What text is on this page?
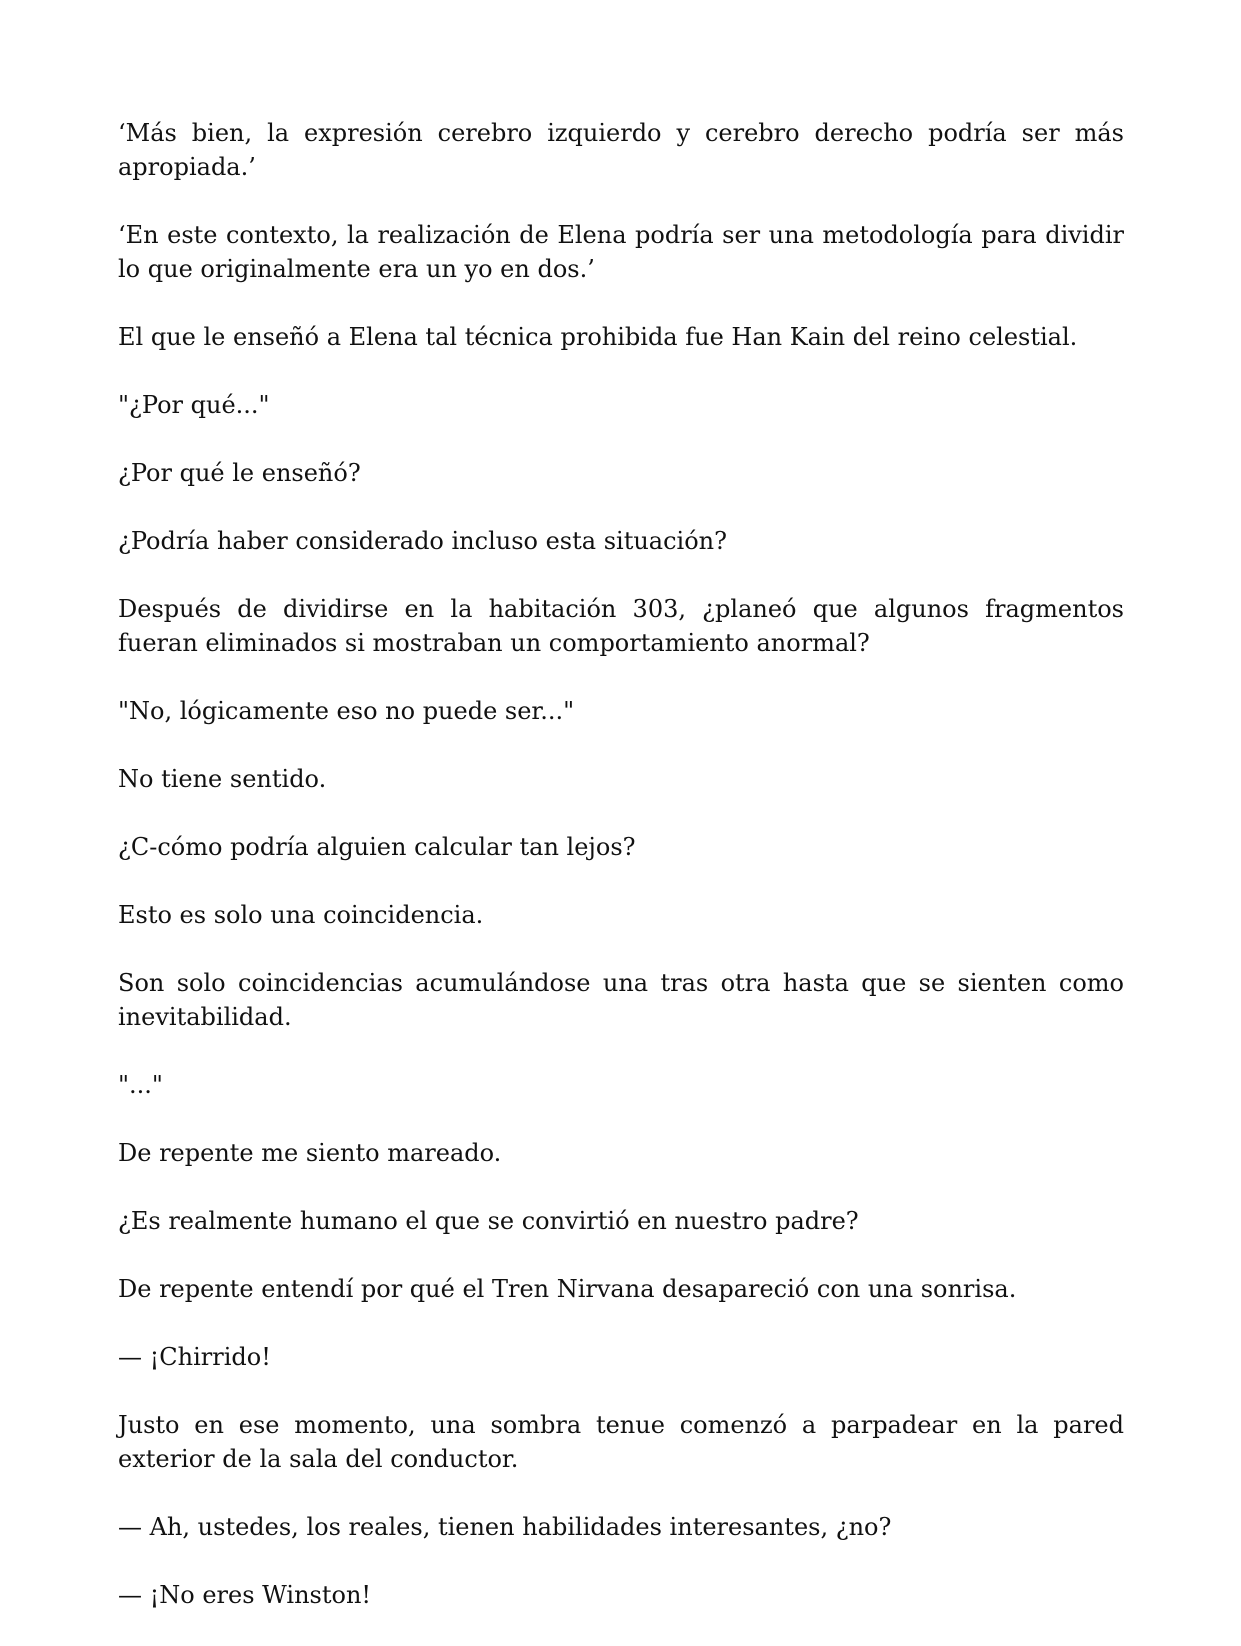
‘Más bien, la expresión cerebro izquierdo y cerebro derecho podría ser más apropiada.’

‘En este contexto, la realización de Elena podría ser una metodología para dividir lo que originalmente era un yo en dos.’

El que le enseñó a Elena tal técnica prohibida fue Han Kain del reino celestial.

"¿Por qué..."

¿Por qué le enseñó?

¿Podría haber considerado incluso esta situación?

Después de dividirse en la habitación 303, ¿planeó que algunos fragmentos fueran eliminados si mostraban un comportamiento anormal?

"No, lógicamente eso no puede ser..."

No tiene sentido.

¿C-cómo podría alguien calcular tan lejos?

Esto es solo una coincidencia.

Son solo coincidencias acumulándose una tras otra hasta que se sienten como inevitabilidad.

"..."

De repente me siento mareado.

¿Es realmente humano el que se convirtió en nuestro padre?

De repente entendí por qué el Tren Nirvana desapareció con una sonrisa.

— ¡Chirrido!

Justo en ese momento, una sombra tenue comenzó a parpadear en la pared exterior de la sala del conductor.

— Ah, ustedes, los reales, tienen habilidades interesantes, ¿no?

— ¡No eres Winston!
